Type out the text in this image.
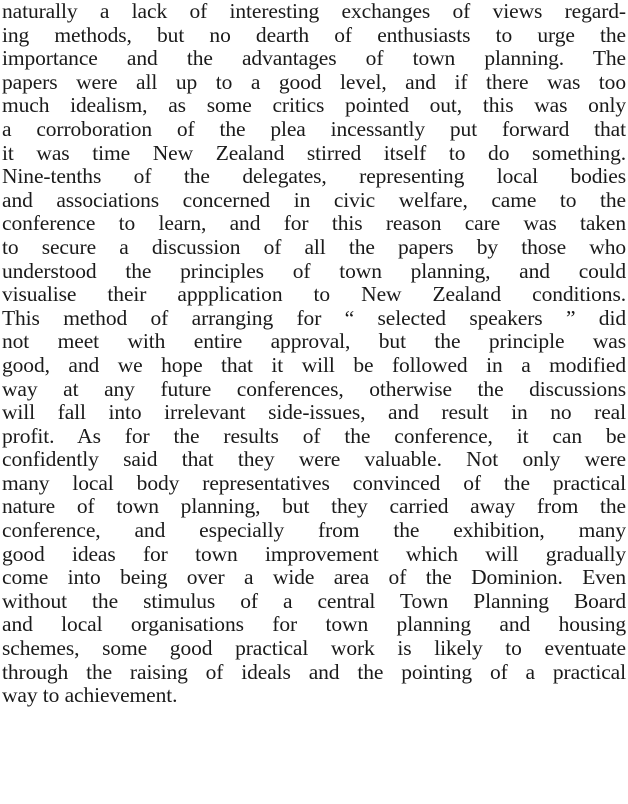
naturally a lack of interesting exchanges of views regard-
ing methods, but no dearth of enthusiasts to urge the
importance and the advantages of town planning. The
papers were all up to a good level, and if there was too
much idealism, as some critics pointed out, this was only
a corroboration of the plea incessantly put forward that
it was time New Zealand stirred itself to do something.
Nine-tenths of the delegates, representing local bodies
and associations concerned in civic welfare, came to the
conference to learn, and for this reason care was taken
to secure a discussion of all the papers by those who
understood the principles of town planning, and could
visualise their appplication to New Zealand conditions.
This method of arranging for “ selected speakers ” did
not meet with entire approval, but the principle was
good, and we hope that it will be followed in a modified
way at any future conferences, otherwise the discussions
will fall into irrelevant side-issues, and result in no real
profit. As for the results of the conference, it can be
confidently said that they were valuable. Not only were
many local body representatives convinced of the practical
nature of town planning, but they carried away from the
conference, and especially from the exhibition, many
good ideas for town improvement which will gradually
come into being over a wide area of the Dominion. Even
without the stimulus of a central Town Planning Board
and local organisations for town planning and housing
schemes, some good practical work is likely to eventuate
through the raising of ideals and the pointing of a practical
way to achievement.
